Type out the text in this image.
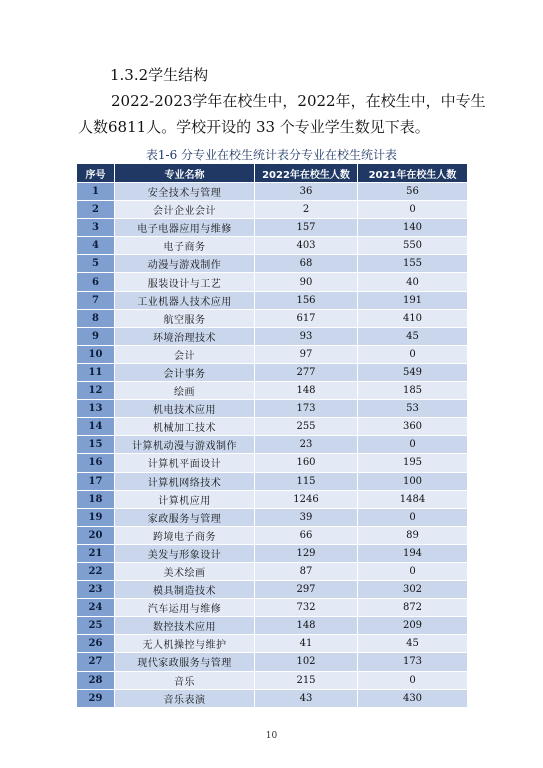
1.3.2学生结构
2022-2023学年在校生中，2022年，在校生中，中专生
人数6811人。学校开设的 33 个专业学生数见下表。
表1-6 分专业在校生统计表分专业在校生统计表
序号	专业名称	2022年在校生人数	2021年在校生人数
1	安全技术与管理	36	56
2	会计企业会计	2	0
3	电子电器应用与维修	157	140
4	电子商务	403	550
5	动漫与游戏制作	68	155
6	服装设计与工艺	90	40
7	工业机器人技术应用	156	191
8	航空服务	617	410
9	环境治理技术	93	45
10	会计	97	0
11	会计事务	277	549
12	绘画	148	185
13	机电技术应用	173	53
14	机械加工技术	255	360
15	计算机动漫与游戏制作	23	0
16	计算机平面设计	160	195
17	计算机网络技术	115	100
18	计算机应用	1246	1484
19	家政服务与管理	39	0
20	跨境电子商务	66	89
21	美发与形象设计	129	194
22	美术绘画	87	0
23	模具制造技术	297	302
24	汽车运用与维修	732	872
25	数控技术应用	148	209
26	无人机操控与维护	41	45
27	现代家政服务与管理	102	173
28	音乐	215	0
29	音乐表演	43	430
10
